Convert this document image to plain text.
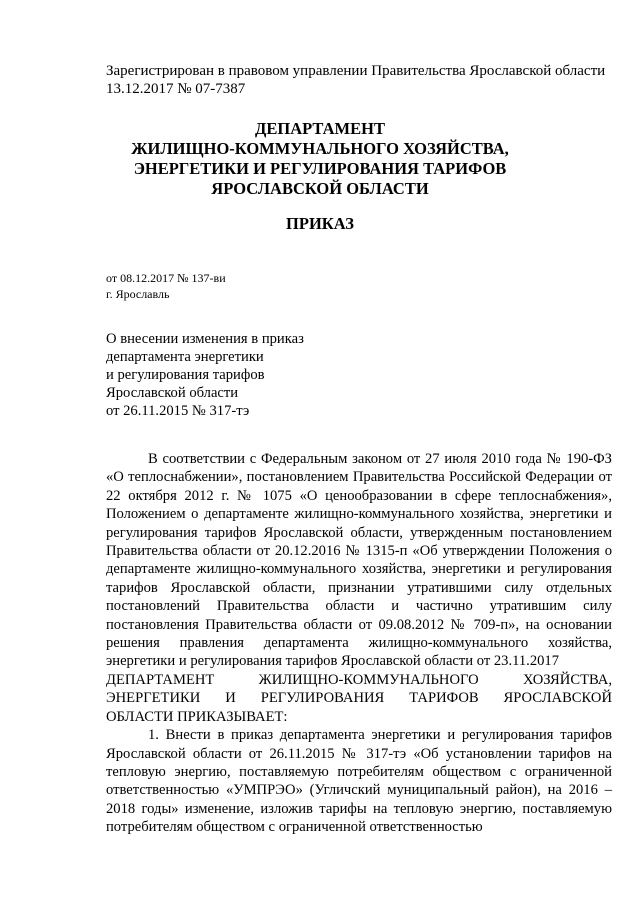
Зарегистрирован в правовом управлении Правительства Ярославской области
13.12.2017 № 07-7387
ДЕПАРТАМЕНТ
ЖИЛИЩНО-КОММУНАЛЬНОГО ХОЗЯЙСТВА,
ЭНЕРГЕТИКИ И РЕГУЛИРОВАНИЯ ТАРИФОВ
ЯРОСЛАВСКОЙ ОБЛАСТИ
ПРИКАЗ
от 08.12.2017 № 137-ви
г. Ярославль
О внесении изменения в приказ
департамента энергетики
и регулирования тарифов
Ярославской области
от 26.11.2015 № 317-тэ

В соответствии с Федеральным законом от 27 июля 2010 года № 190-ФЗ «О теплоснабжении», постановлением Правительства Российской Федерации от 22 октября 2012 г. № 1075 «О ценообразовании в сфере теплоснабжения», Положением о департаменте жилищно-коммунального хозяйства, энергетики и регулирования тарифов Ярославской области, утвержденным постановлением Правительства области от 20.12.2016 № 1315-п «Об утверждении Положения о департаменте жилищно-коммунального хозяйства, энергетики и регулирования тарифов Ярославской области, признании утратившими силу отдельных постановлений Правительства области и частично утратившим силу постановления Правительства области от 09.08.2012 № 709-п», на основании решения правления департамента жилищно-коммунального хозяйства, энергетики и регулирования тарифов Ярославской области от 23.11.2017

ДЕПАРТАМЕНТ ЖИЛИЩНО-КОММУНАЛЬНОГО ХОЗЯЙСТВА,
ЭНЕРГЕТИКИ И РЕГУЛИРОВАНИЯ ТАРИФОВ ЯРОСЛАВСКОЙ
ОБЛАСТИ ПРИКАЗЫВАЕТ:

1. Внести в приказ департамента энергетики и регулирования тарифов Ярославской области от 26.11.2015 № 317-тэ «Об установлении тарифов на тепловую энергию, поставляемую потребителям обществом с ограниченной ответственностью «УМПРЭО» (Угличский муниципальный район), на 2016 – 2018 годы» изменение, изложив тарифы на тепловую энергию, поставляемую потребителям обществом с ограниченной ответственностью
